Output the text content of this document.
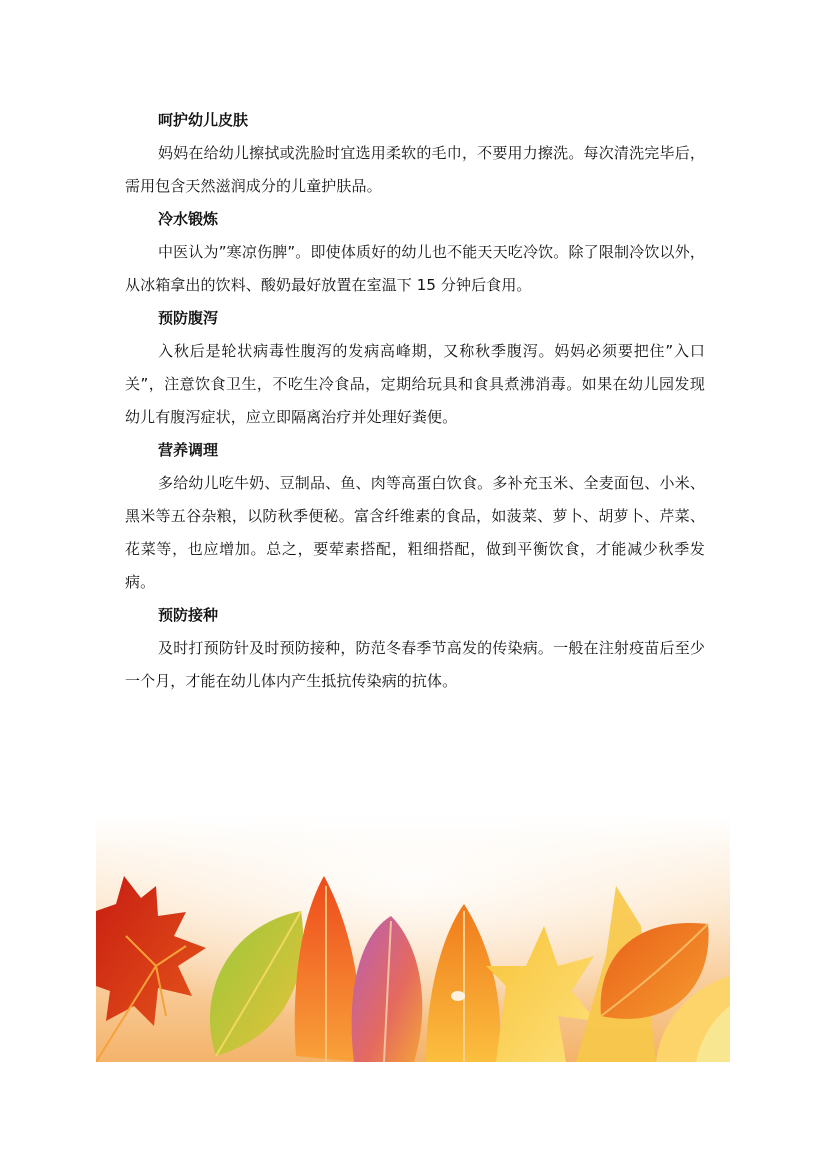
呵护幼儿皮肤

妈妈在给幼儿擦拭或洗脸时宜选用柔软的毛巾，不要用力擦洗。每次清洗完毕后，需用包含天然滋润成分的儿童护肤品。

冷水锻炼

中医认为”寒凉伤脾”。即使体质好的幼儿也不能天天吃冷饮。除了限制冷饮以外，从冰箱拿出的饮料、酸奶最好放置在室温下 15 分钟后食用。

预防腹泻

入秋后是轮状病毒性腹泻的发病高峰期，又称秋季腹泻。妈妈必须要把住”入口关”，注意饮食卫生，不吃生冷食品，定期给玩具和食具煮沸消毒。如果在幼儿园发现幼儿有腹泻症状，应立即隔离治疗并处理好粪便。

营养调理

多给幼儿吃牛奶、豆制品、鱼、肉等高蛋白饮食。多补充玉米、全麦面包、小米、黑米等五谷杂粮，以防秋季便秘。富含纤维素的食品，如菠菜、萝卜、胡萝卜、芹菜、花菜等，也应增加。总之，要荤素搭配，粗细搭配，做到平衡饮食，才能减少秋季发病。

预防接种

及时打预防针及时预防接种，防范冬春季节高发的传染病。一般在注射疫苗后至少一个月，才能在幼儿体内产生抵抗传染病的抗体。
